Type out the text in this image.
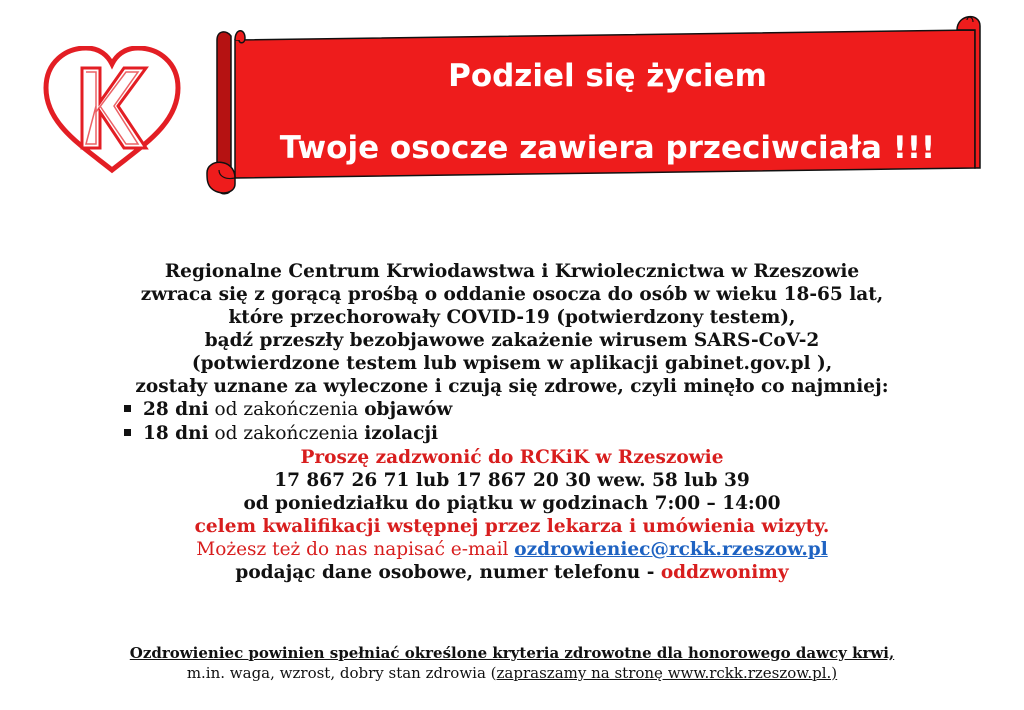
Podziel się życiem
Twoje osocze zawiera przeciwciała !!!
Regionalne Centrum Krwiodawstwa i Krwiolecznictwa w Rzeszowie
zwraca się z gorącą prośbą o oddanie osocza do osób w wieku 18-65 lat,
które przechorowały COVID-19 (potwierdzony testem),
bądź przeszły bezobjawowe zakażenie wirusem SARS-CoV-2
(potwierdzone testem lub wpisem w aplikacji gabinet.gov.pl ),
zostały uznane za wyleczone i czują się zdrowe, czyli minęło co najmniej:
28 dni od zakończenia objawów
18 dni od zakończenia izolacji
Proszę zadzwonić do RCKiK w Rzeszowie
17 867 26 71 lub 17 867 20 30 wew. 58 lub 39
od poniedziałku do piątku w godzinach 7:00 – 14:00
celem kwalifikacji wstępnej przez lekarza i umówienia wizyty.
Możesz też do nas napisać e-mail ozdrowieniec@rckk.rzeszow.pl
podając dane osobowe, numer telefonu - oddzwonimy
Ozdrowieniec powinien spełniać określone kryteria zdrowotne dla honorowego dawcy krwi,
m.in. waga, wzrost, dobry stan zdrowia (zapraszamy na stronę www.rckk.rzeszow.pl.)
